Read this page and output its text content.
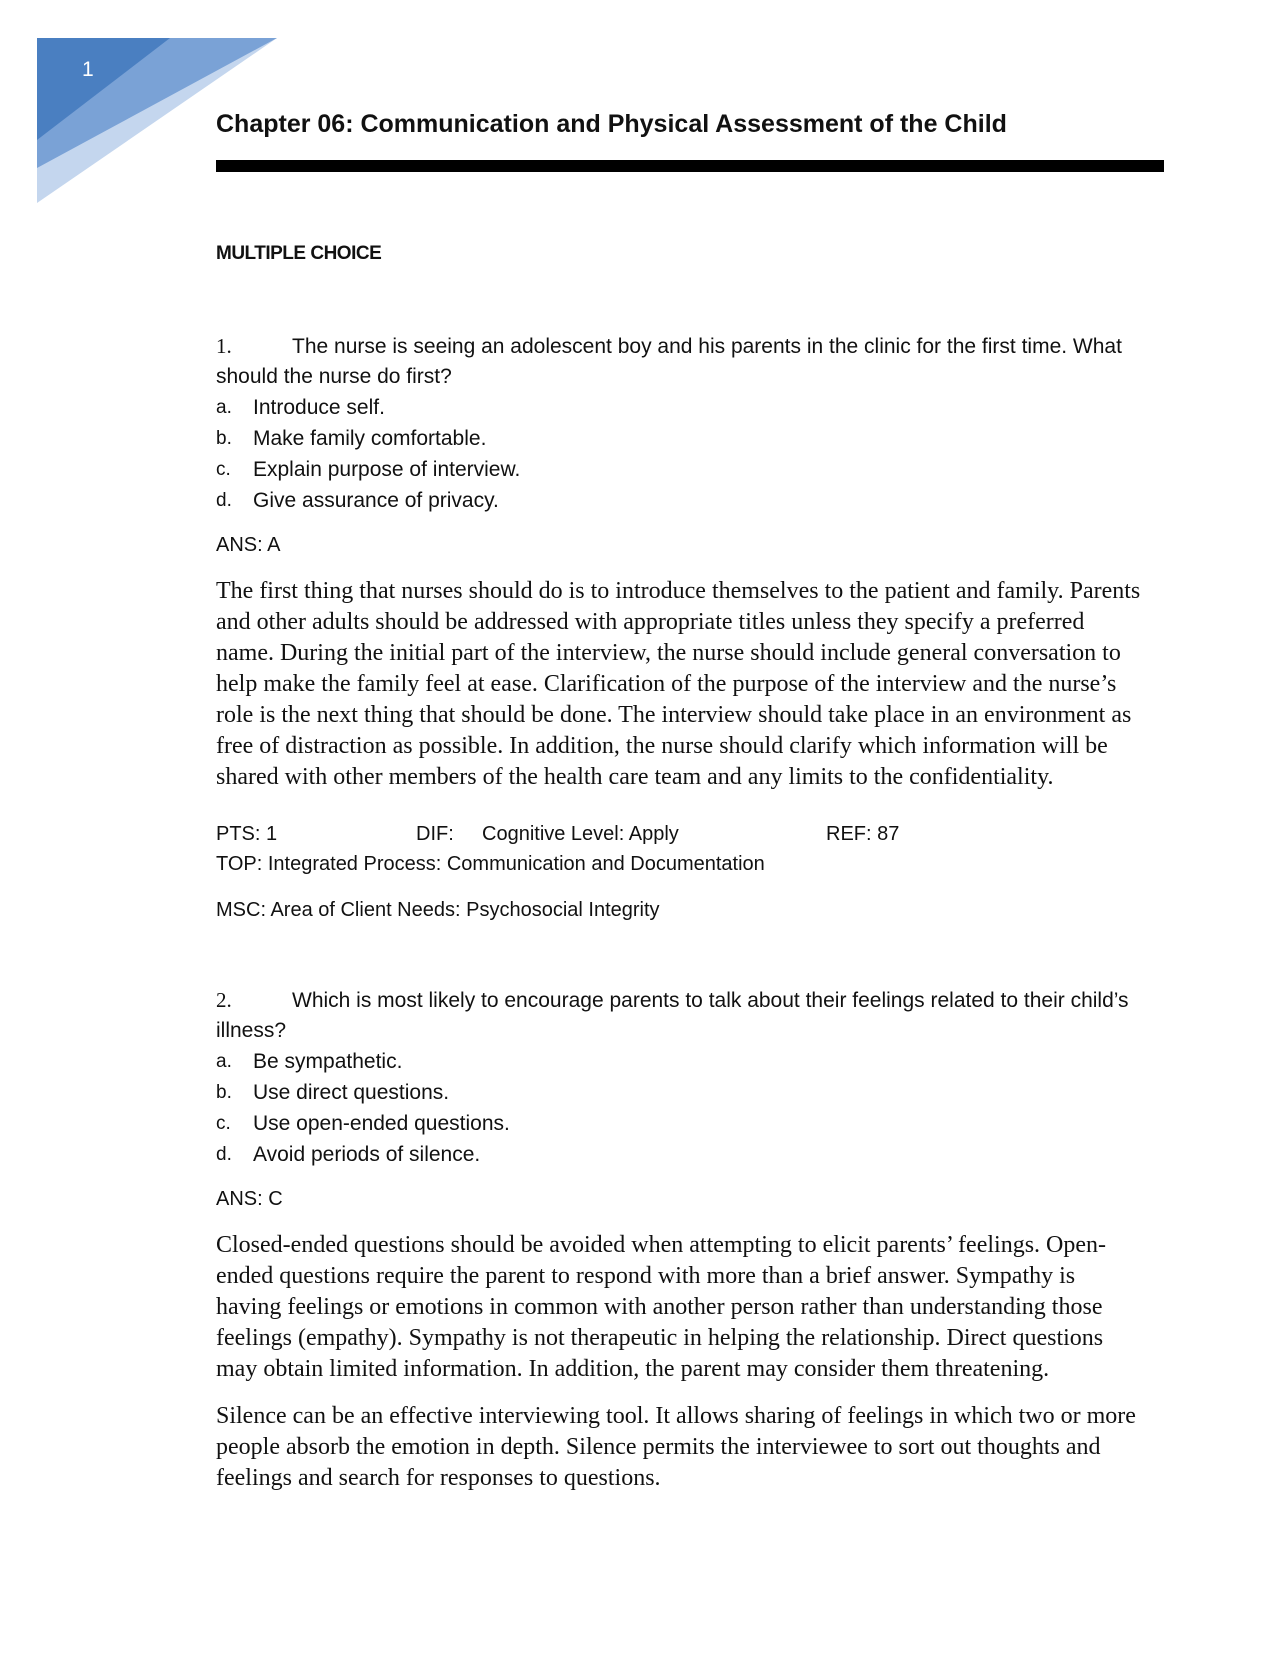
1
Chapter 06: Communication and Physical Assessment of the Child
MULTIPLE CHOICE

1.	The nurse is seeing an adolescent boy and his parents in the clinic for the first time. What should the nurse do first?

a.	Introduce self.
b.	Make family comfortable.
c.	Explain purpose of interview.
d.	Give assurance of privacy.

ANS: A

The first thing that nurses should do is to introduce themselves to the patient and family. Parents and other adults should be addressed with appropriate titles unless they specify a preferred name. During the initial part of the interview, the nurse should include general conversation to help make the family feel at ease. Clarification of the purpose of the interview and the nurse’s role is the next thing that should be done. The interview should take place in an environment as free of distraction as possible. In addition, the nurse should clarify which information will be shared with other members of the health care team and any limits to the confidentiality.

PTS: 1	DIF: Cognitive Level: Apply	REF: 87
TOP: Integrated Process: Communication and Documentation
MSC: Area of Client Needs: Psychosocial Integrity

2.	Which is most likely to encourage parents to talk about their feelings related to their child’s illness?

a.	Be sympathetic.
b.	Use direct questions.
c.	Use open-ended questions.
d.	Avoid periods of silence.

ANS: C

Closed-ended questions should be avoided when attempting to elicit parents’ feelings. Open-ended questions require the parent to respond with more than a brief answer. Sympathy is having feelings or emotions in common with another person rather than understanding those feelings (empathy). Sympathy is not therapeutic in helping the relationship. Direct questions may obtain limited information. In addition, the parent may consider them threatening.

Silence can be an effective interviewing tool. It allows sharing of feelings in which two or more people absorb the emotion in depth. Silence permits the interviewee to sort out thoughts and feelings and search for responses to questions.
